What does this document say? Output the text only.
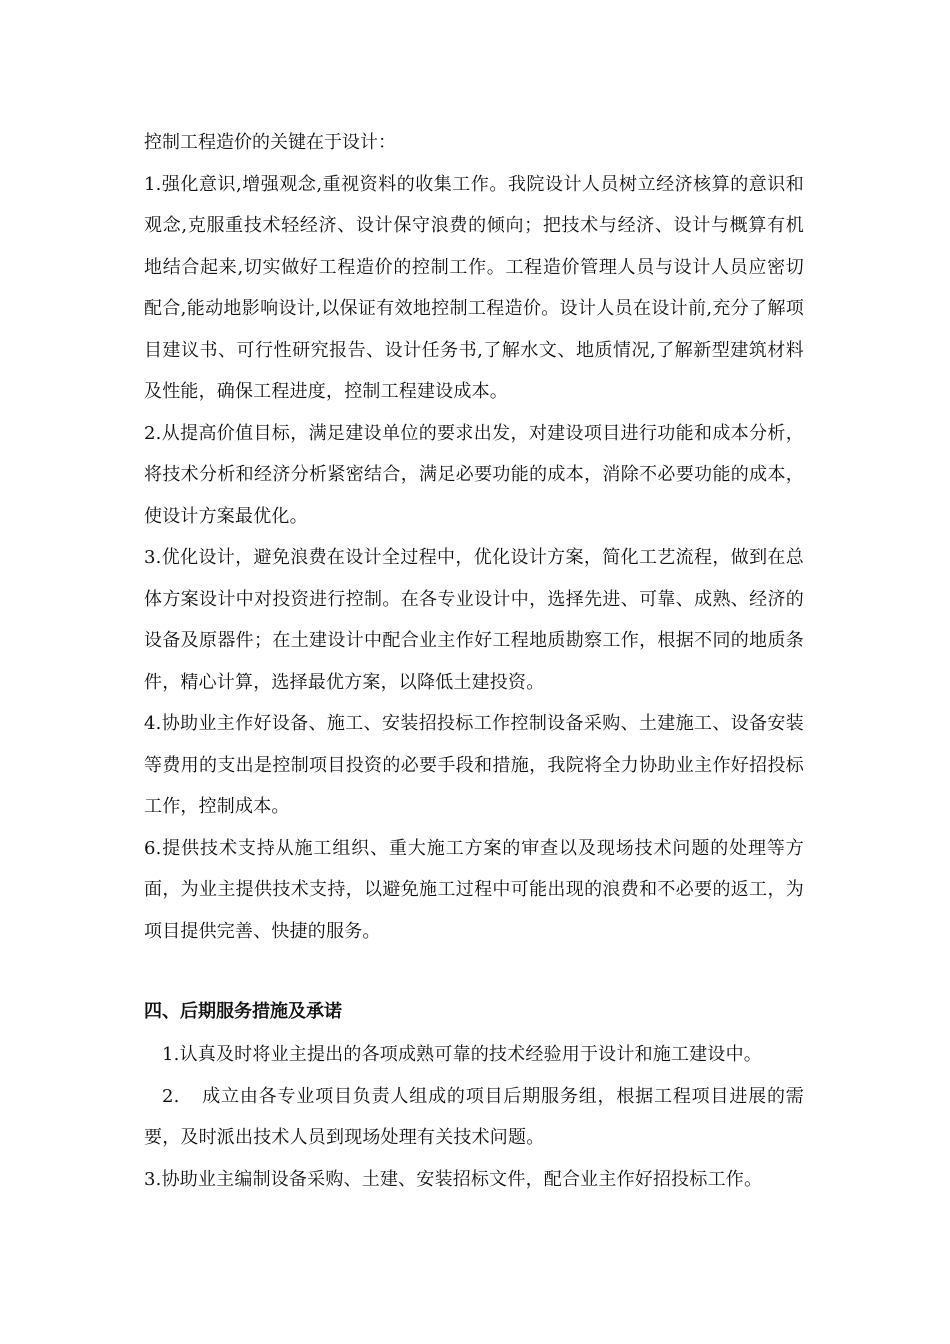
控制工程造价的关键在于设计：

1.强化意识,增强观念,重视资料的收集工作。我院设计人员树立经济核算的意识和观念,克服重技术轻经济、设计保守浪费的倾向；把技术与经济、设计与概算有机地结合起来,切实做好工程造价的控制工作。工程造价管理人员与设计人员应密切配合,能动地影响设计,以保证有效地控制工程造价。设计人员在设计前,充分了解项目建议书、可行性研究报告、设计任务书,了解水文、地质情况,了解新型建筑材料及性能，确保工程进度，控制工程建设成本。

2.从提高价值目标，满足建设单位的要求出发，对建设项目进行功能和成本分析，将技术分析和经济分析紧密结合，满足必要功能的成本，消除不必要功能的成本，使设计方案最优化。

3.优化设计，避免浪费在设计全过程中，优化设计方案，简化工艺流程，做到在总体方案设计中对投资进行控制。在各专业设计中，选择先进、可靠、成熟、经济的设备及原器件；在土建设计中配合业主作好工程地质勘察工作，根据不同的地质条件，精心计算，选择最优方案，以降低土建投资。

4.协助业主作好设备、施工、安装招投标工作控制设备采购、土建施工、设备安装等费用的支出是控制项目投资的必要手段和措施，我院将全力协助业主作好招投标工作，控制成本。

6.提供技术支持从施工组织、重大施工方案的审查以及现场技术问题的处理等方面，为业主提供技术支持，以避免施工过程中可能出现的浪费和不必要的返工，为项目提供完善、快捷的服务。

四、后期服务措施及承诺

1.认真及时将业主提出的各项成熟可靠的技术经验用于设计和施工建设中。

2. 成立由各专业项目负责人组成的项目后期服务组，根据工程项目进展的需要，及时派出技术人员到现场处理有关技术问题。

3.协助业主编制设备采购、土建、安装招标文件，配合业主作好招投标工作。
